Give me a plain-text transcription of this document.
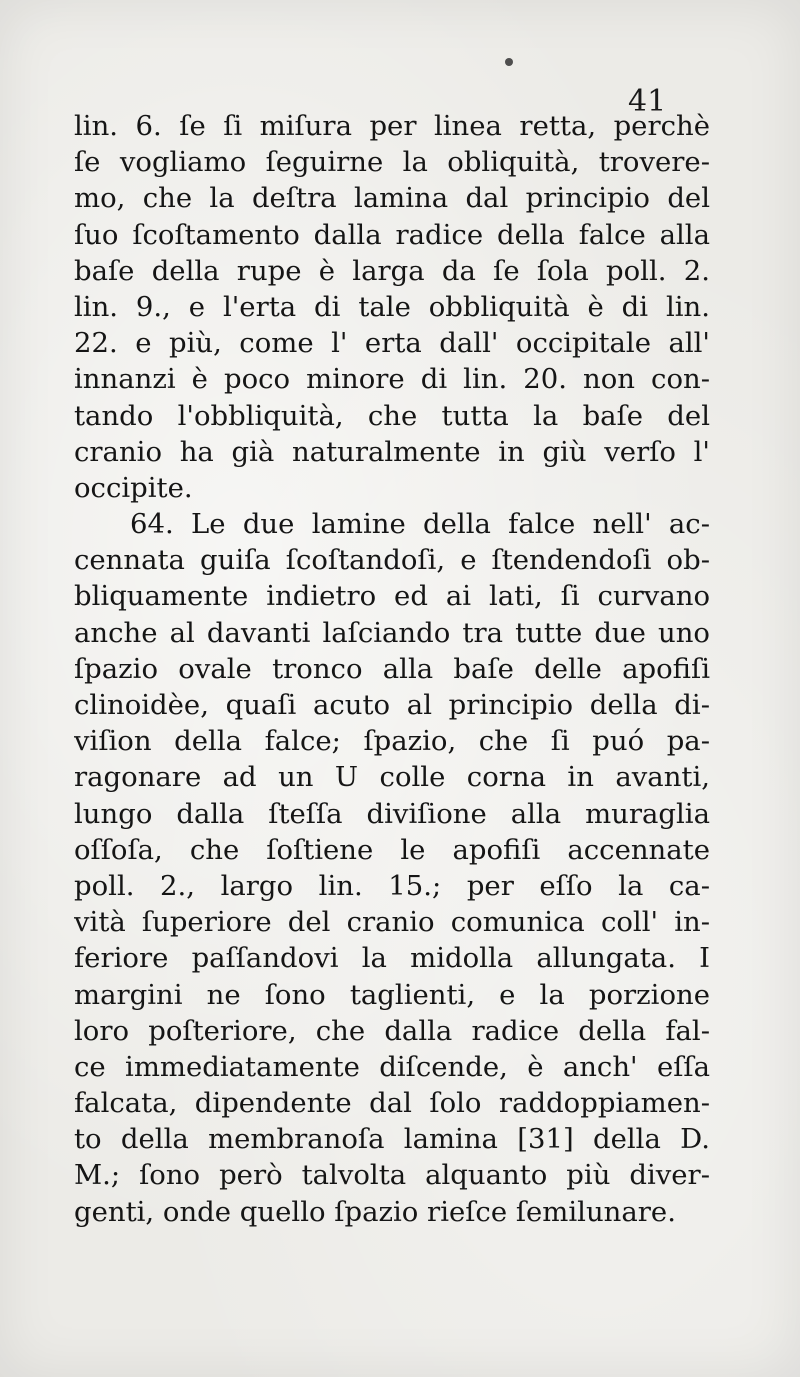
41
lin. 6. ſe ſi miſura per linea retta, perchè
ſe vogliamo ſeguirne la obliquità, troverе-
mo, che la deſtra lamina dal principio del
ſuo ſcoſtamento dalla radice della falce alla
baſe della rupe è larga da ſe ſola poll. 2.
lin. 9., e l'erta di tale obbliquità è di lin.
22. e più, come l' erta dall' occipitale all'
innanzi è poco minore di lin. 20. non con-
tando l'obbliquità, che tutta la baſe del
cranio ha già naturalmente in giù verſo l'
occipite.
64. Le due lamine della falce nell' ac-
cennata guiſa ſcoſtandoſi, e ſtendendoſi ob-
bliquamente indietro ed ai lati, ſi curvano
anche al davanti laſciando tra tutte due uno
ſpazio ovale tronco alla baſe delle apofiſi
clinoidèe, quaſi acuto al principio della di-
viſion della falce; ſpazio, che ſi puó pa-
ragonare ad un U colle corna in avanti,
lungo dalla ſteſſa diviſione alla muraglia
oſſoſa, che ſoſtiene le apofiſi accennate
poll. 2., largo lin. 15.; per eſſo la ca-
vità ſuperiore del cranio comunica coll' in-
feriore paſſandovi la midolla allungata. I
margini ne ſono taglienti, e la porzione
loro poſteriore, che dalla radice della fal-
ce immediatamente diſcende, è anch' eſſa
falcata, dipendente dal ſolo raddoppiamen-
to della membranoſa lamina [31] della D.
M.; ſono però talvolta alquanto più diver-
genti, onde quello ſpazio rieſce ſemilunare.
